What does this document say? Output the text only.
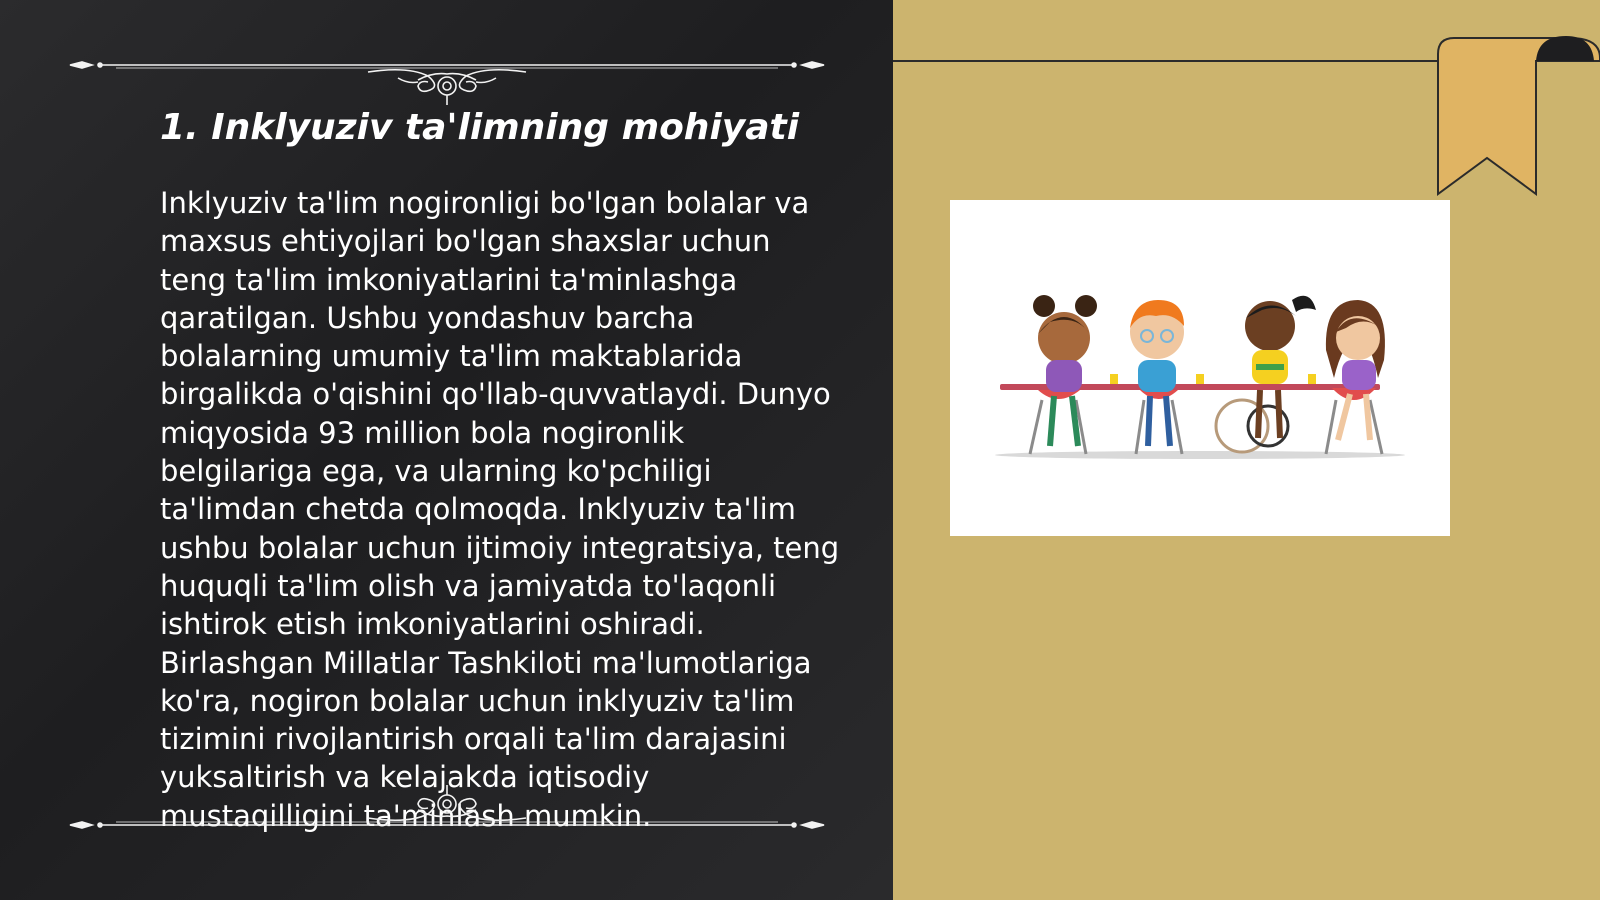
1. Inklyuziv ta'limning mohiyati

Inklyuziv ta'lim nogironligi bo'lgan bolalar va maxsus ehtiyojlari bo'lgan shaxslar uchun teng ta'lim imkoniyatlarini ta'minlashga qaratilgan. Ushbu yondashuv barcha bolalarning umumiy ta'lim maktablarida birgalikda o'qishini qo'llab-quvvatlaydi. Dunyo miqyosida 93 million bola nogironlik belgilariga ega, va ularning ko'pchiligi ta'limdan chetda qolmoqda. Inklyuziv ta'lim ushbu bolalar uchun ijtimoiy integratsiya, teng huquqli ta'lim olish va jamiyatda to'laqonli ishtirok etish imkoniyatlarini oshiradi. Birlashgan Millatlar Tashkiloti ma'lumotlariga ko'ra, nogiron bolalar uchun inklyuziv ta'lim tizimini rivojlantirish orqali ta'lim darajasini yuksaltirish va kelajakda iqtisodiy mustaqilligini ta'minlash mumkin.
